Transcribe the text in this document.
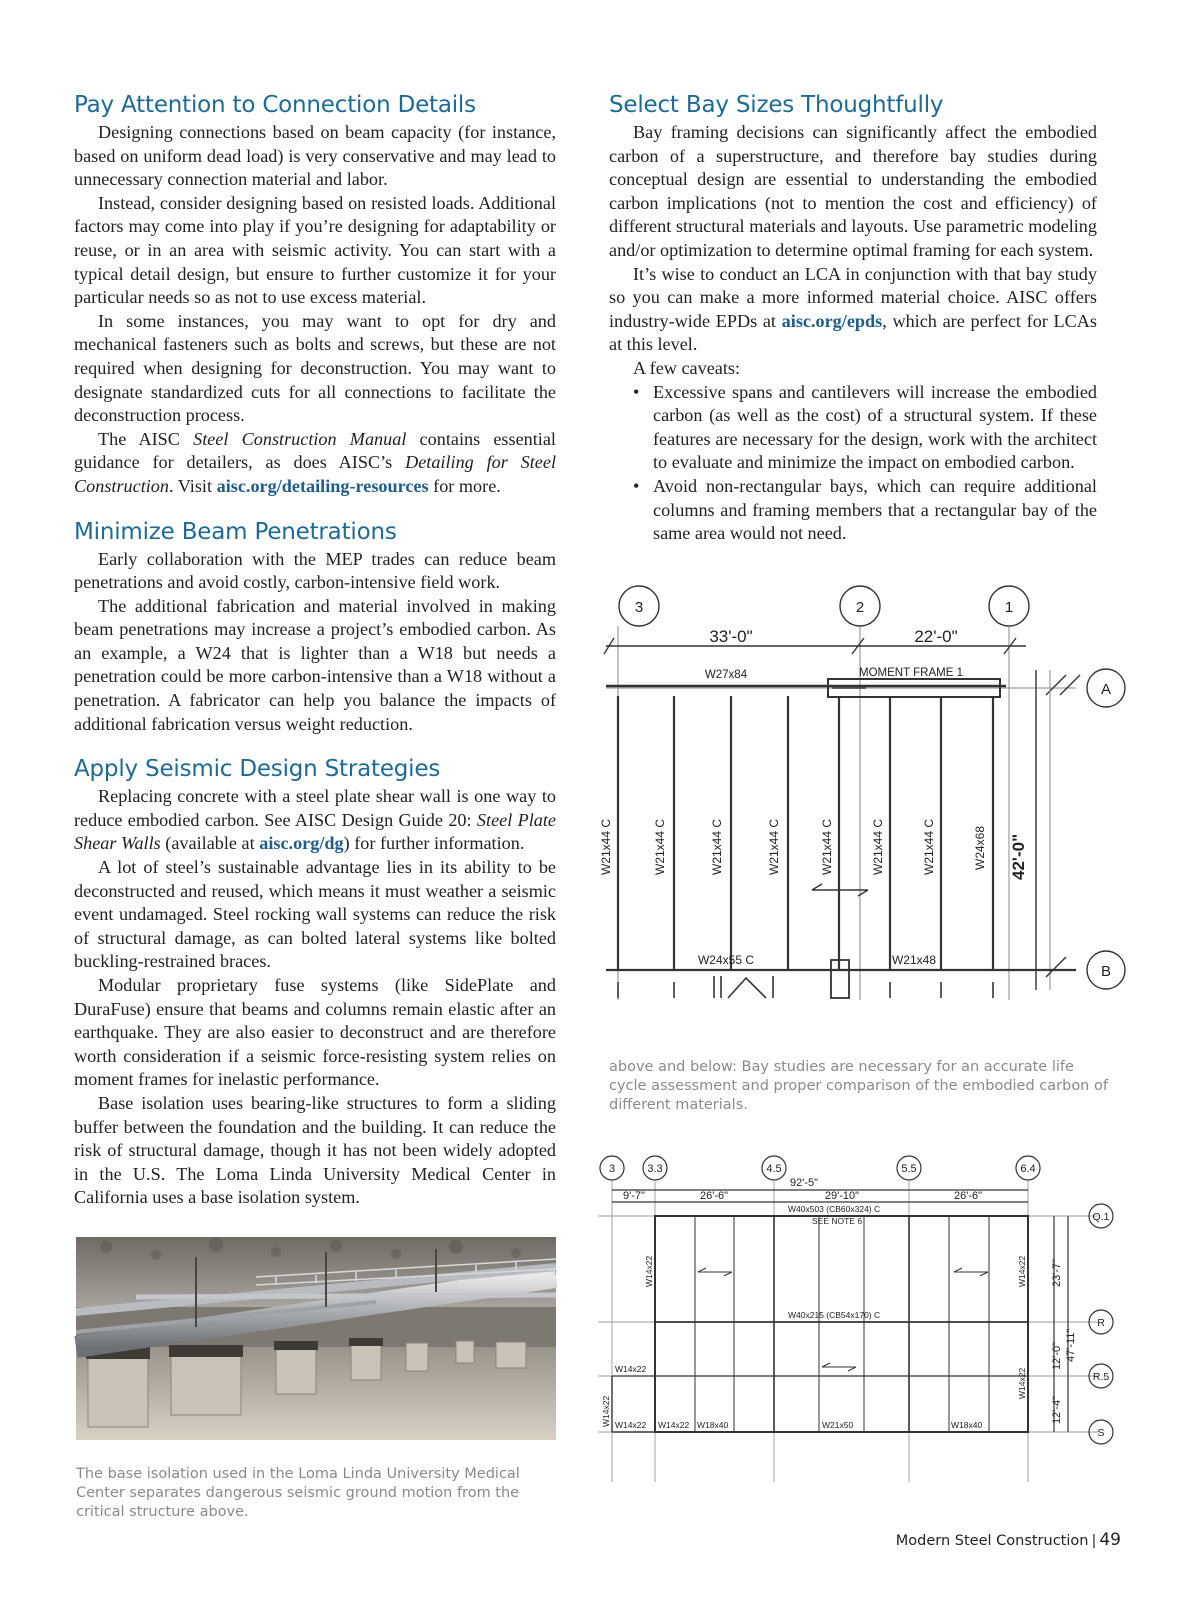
Pay Attention to Connection Details

Designing connections based on beam capacity (for instance, based on uniform dead load) is very conservative and may lead to unnecessary connection material and labor.

Instead, consider designing based on resisted loads. Additional factors may come into play if you’re designing for adaptability or reuse, or in an area with seismic activity. You can start with a typical detail design, but ensure to further customize it for your particular needs so as not to use excess material.

In some instances, you may want to opt for dry and mechanical fasteners such as bolts and screws, but these are not required when designing for deconstruction. You may want to designate standardized cuts for all connections to facilitate the deconstruction process.

The AISC Steel Construction Manual contains essential guidance for detailers, as does AISC’s Detailing for Steel Construction. Visit aisc.org/detailing-resources for more.

Minimize Beam Penetrations

Early collaboration with the MEP trades can reduce beam penetrations and avoid costly, carbon-intensive field work.

The additional fabrication and material involved in making beam penetrations may increase a project’s embodied carbon. As an example, a W24 that is lighter than a W18 but needs a penetration could be more carbon-intensive than a W18 without a penetration. A fabricator can help you balance the impacts of additional fabrication versus weight reduction.

Apply Seismic Design Strategies

Replacing concrete with a steel plate shear wall is one way to reduce embodied carbon. See AISC Design Guide 20: Steel Plate Shear Walls (available at aisc.org/dg) for further information.

A lot of steel’s sustainable advantage lies in its ability to be deconstructed and reused, which means it must weather a seismic event undamaged. Steel rocking wall systems can reduce the risk of structural damage, as can bolted lateral systems like bolted buckling-restrained braces.

Modular proprietary fuse systems (like SidePlate and DuraFuse) ensure that beams and columns remain elastic after an earthquake. They are also easier to deconstruct and are therefore worth consideration if a seismic force-resisting system relies on moment frames for inelastic performance.

Base isolation uses bearing-like structures to form a sliding buffer between the foundation and the building. It can reduce the risk of structural damage, though it has not been widely adopted in the U.S. The Loma Linda University Medical Center in California uses a base isolation system.

The base isolation used in the Loma Linda University Medical Center separates dangerous seismic ground motion from the critical structure above.
Select Bay Sizes Thoughtfully

Bay framing decisions can significantly affect the embodied carbon of a superstructure, and therefore bay studies during conceptual design are essential to understanding the embodied carbon implications (not to mention the cost and efficiency) of different structural materials and layouts. Use parametric modeling and/or optimization to determine optimal framing for each system.

It’s wise to conduct an LCA in conjunction with that bay study so you can make a more informed material choice. AISC offers industry-wide EPDs at aisc.org/epds, which are perfect for LCAs at this level.

A few caveats:

• Excessive spans and cantilevers will increase the embodied carbon (as well as the cost) of a structural system. If these features are necessary for the design, work with the architect to evaluate and minimize the impact on embodied carbon.
• Avoid non-rectangular bays, which can require additional columns and framing members that a rectangular bay of the same area would not need.
3	2	1
33'-0"	22'-0"
W27x84	MOMENT FRAME 1
A
W21x44 C	W21x44 C	W21x44 C	W21x44 C	W21x44 C	W21x44 C	W21x44 C	W24x68 42'-0"
W24x55 C	W21x48
B
above and below: Bay studies are necessary for an accurate life cycle assessment and proper comparison of the embodied carbon of different materials.
3	3.3	4.5	5.5	6.4
92'-5"
9'-7"	26'-6"	29'-10"	26'-6"
W40x503 (CB60x324) C
SEE NOTE 6
W40x215 (CB54x170) C
W14x22	W14x22
W14x22	W14x22
W14x22 W14x22 W14x22 W18x40	W21x50	W18x40
23'-7"
12'-0"
12'-4"
47'-11"
Q.1
R
R.5
S
Modern Steel Construction | 49
